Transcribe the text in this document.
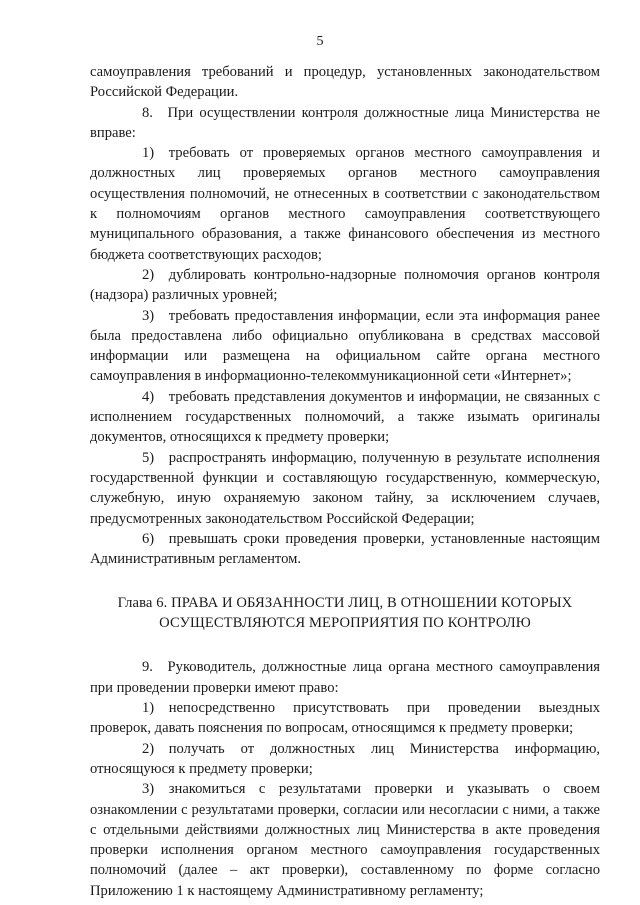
5

самоуправления требований и процедур, установленных законодательством Российской Федерации.

8. При осуществлении контроля должностные лица Министерства не вправе:

1) требовать от проверяемых органов местного самоуправления и должностных лиц проверяемых органов местного самоуправления осуществления полномочий, не отнесенных в соответствии с законодательством к полномочиям органов местного самоуправления соответствующего муниципального образования, а также финансового обеспечения из местного бюджета соответствующих расходов;

2) дублировать контрольно-надзорные полномочия органов контроля (надзора) различных уровней;

3) требовать предоставления информации, если эта информация ранее была предоставлена либо официально опубликована в средствах массовой информации или размещена на официальном сайте органа местного самоуправления в информационно-телекоммуникационной сети «Интернет»;

4) требовать представления документов и информации, не связанных с исполнением государственных полномочий, а также изымать оригиналы документов, относящихся к предмету проверки;

5) распространять информацию, полученную в результате исполнения государственной функции и составляющую государственную, коммерческую, служебную, иную охраняемую законом тайну, за исключением случаев, предусмотренных законодательством Российской Федерации;

6) превышать сроки проведения проверки, установленные настоящим Административным регламентом.

Глава 6. ПРАВА И ОБЯЗАННОСТИ ЛИЦ, В ОТНОШЕНИИ КОТОРЫХ
ОСУЩЕСТВЛЯЮТСЯ МЕРОПРИЯТИЯ ПО КОНТРОЛЮ

9. Руководитель, должностные лица органа местного самоуправления при проведении проверки имеют право:

1) непосредственно присутствовать при проведении выездных проверок, давать пояснения по вопросам, относящимся к предмету проверки;

2) получать от должностных лиц Министерства информацию, относящуюся к предмету проверки;

3) знакомиться с результатами проверки и указывать о своем ознакомлении с результатами проверки, согласии или несогласии с ними, а также с отдельными действиями должностных лиц Министерства в акте проведения проверки исполнения органом местного самоуправления государственных полномочий (далее – акт проверки), составленному по форме согласно Приложению 1 к настоящему Административному регламенту;
